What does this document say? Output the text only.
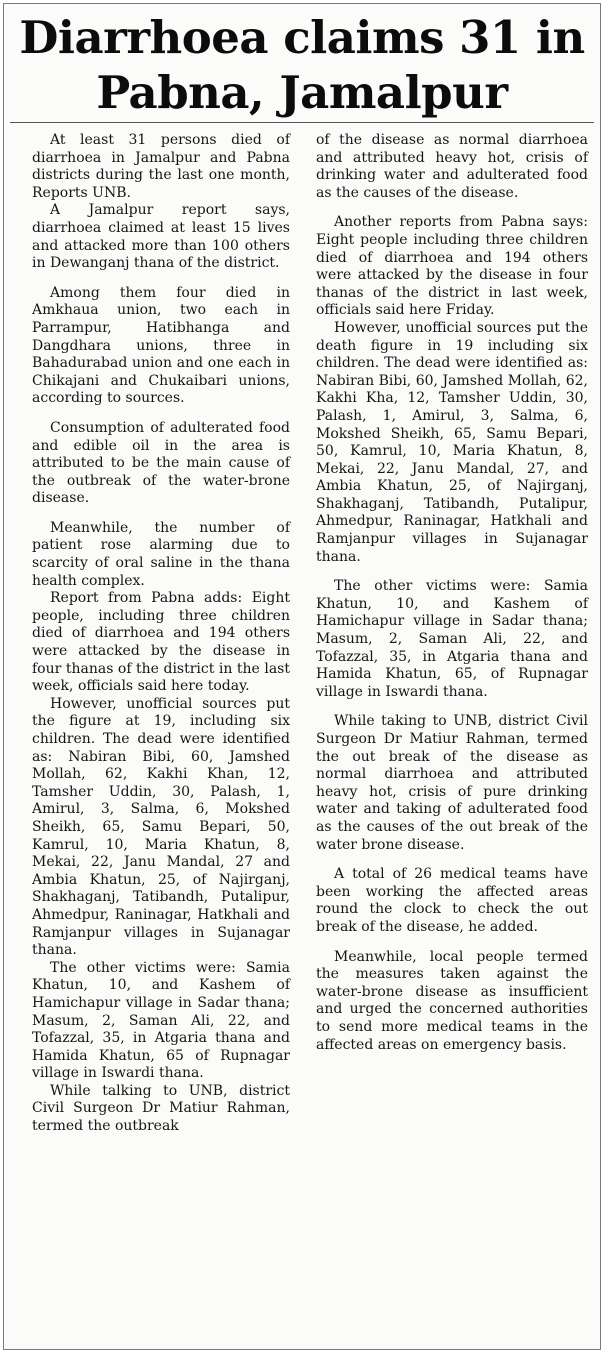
Diarrhoea claims 31 in Pabna, Jamalpur

At least 31 persons died of diarrhoea in Jamalpur and Pabna districts during the last one month, Reports UNB.

A Jamalpur report says, diarrhoea claimed at least 15 lives and attacked more than 100 others in Dewanganj thana of the district.

Among them four died in Amkhaua union, two each in Parrampur, Hatibhanga and Dangdhara unions, three in Bahadurabad union and one each in Chikajani and Chukaibari unions, according to sources.

Consumption of adulterated food and edible oil in the area is attributed to be the main cause of the outbreak of the water-brone disease.

Meanwhile, the number of patient rose alarming due to scarcity of oral saline in the thana health complex.

Report from Pabna adds: Eight people, including three children died of diarrhoea and 194 others were attacked by the disease in four thanas of the district in the last week, officials said here today.

However, unofficial sources put the figure at 19, including six children. The dead were identified as: Nabiran Bibi, 60, Jamshed Mollah, 62, Kakhi Khan, 12, Tamsher Uddin, 30, Palash, 1, Amirul, 3, Salma, 6, Mokshed Sheikh, 65, Samu Bepari, 50, Kamrul, 10, Maria Khatun, 8, Mekai, 22, Janu Mandal, 27 and Ambia Khatun, 25, of Najirganj, Shakhaganj, Tatibandh, Putalipur, Ahmedpur, Raninagar, Hatkhali and Ramjanpur villages in Sujanagar thana.

The other victims were: Samia Khatun, 10, and Kashem of Hamichapur village in Sadar thana; Masum, 2, Saman Ali, 22, and Tofazzal, 35, in Atgaria thana and Hamida Khatun, 65 of Rupnagar village in Iswardi thana.

While talking to UNB, district Civil Surgeon Dr Matiur Rahman, termed the outbreak

of the disease as normal diarrhoea and attributed heavy hot, crisis of drinking water and adulterated food as the causes of the disease.

Another reports from Pabna says: Eight people including three children died of diarrhoea and 194 others were attacked by the disease in four thanas of the district in last week, officials said here Friday.

However, unofficial sources put the death figure in 19 including six children. The dead were identified as: Nabiran Bibi, 60, Jamshed Mollah, 62, Kakhi Kha, 12, Tamsher Uddin, 30, Palash, 1, Amirul, 3, Salma, 6, Mokshed Sheikh, 65, Samu Bepari, 50, Kamrul, 10, Maria Khatun, 8, Mekai, 22, Janu Mandal, 27, and Ambia Khatun, 25, of Najirganj, Shakhaganj, Tatibandh, Putalipur, Ahmedpur, Raninagar, Hatkhali and Ramjanpur villages in Sujanagar thana.

The other victims were: Samia Khatun, 10, and Kashem of Hamichapur village in Sadar thana; Masum, 2, Saman Ali, 22, and Tofazzal, 35, in Atgaria thana and Hamida Khatun, 65, of Rupnagar village in Iswardi thana.

While taking to UNB, district Civil Surgeon Dr Matiur Rahman, termed the out break of the disease as normal diarrhoea and attributed heavy hot, crisis of pure drinking water and taking of adulterated food as the causes of the out break of the water brone disease.

A total of 26 medical teams have been working the affected areas round the clock to check the out break of the disease, he added.

Meanwhile, local people termed the measures taken against the water-brone disease as insufficient and urged the concerned authorities to send more medical teams in the affected areas on emergency basis.
